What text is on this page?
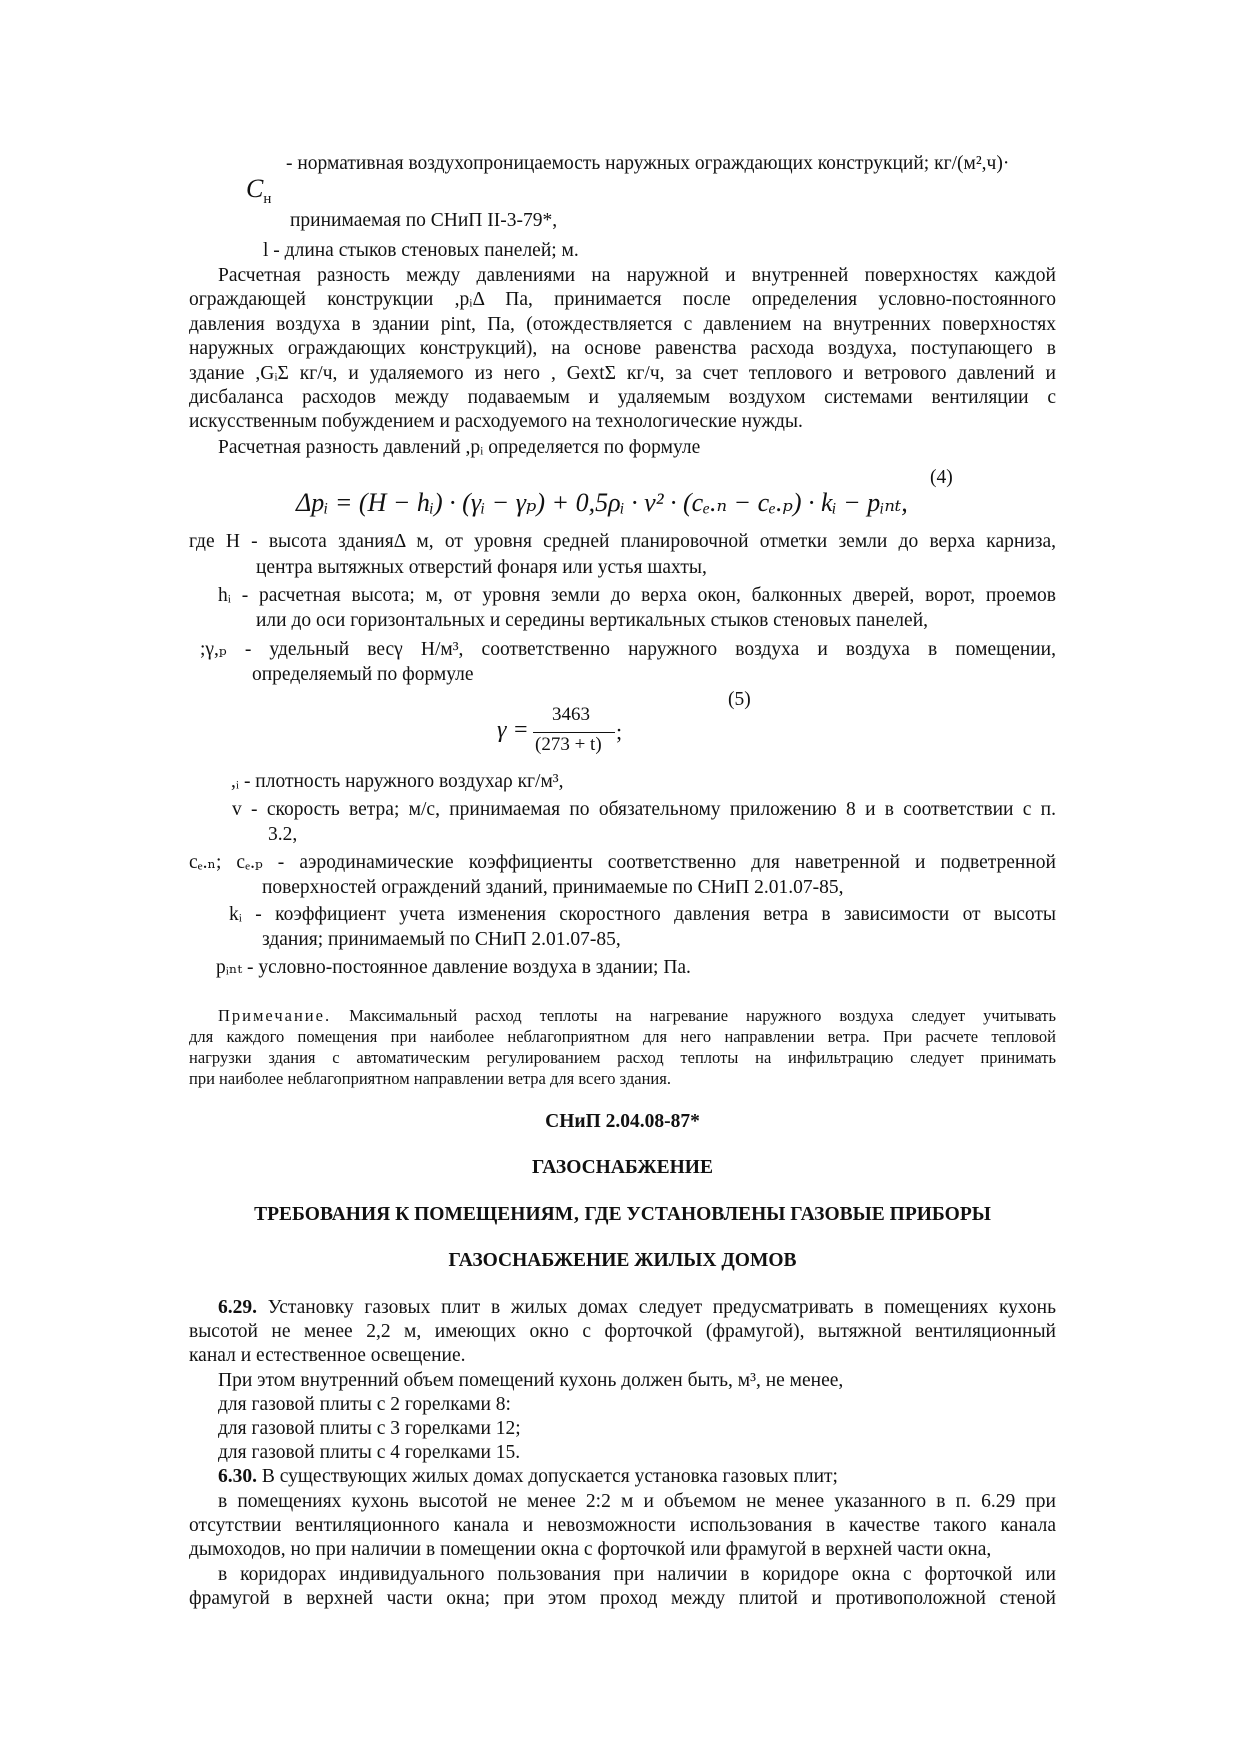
- нормативная воздухопроницаемость наружных ограждающих конструкций; кг/(м²,ч)·
$C_н$
принимаемая по СНиП II-3-79*,
l - длина стыков стеновых панелей; м.
Расчетная разность между давлениями на наружной и внутренней поверхностях каждой
ограждающей конструкции ,pᵢΔ Па, принимается после определения условно-постоянного
давления воздуха в здании pint, Па, (отождествляется с давлением на внутренних поверхностях
наружных ограждающих конструкций), на основе равенства расхода воздуха, поступающего в
здание ,GᵢΣ кг/ч, и удаляемого из него , GextΣ кг/ч, за счет теплового и ветрового давлений и
дисбаланса расходов между подаваемым и удаляемым воздухом системами вентиляции с
искусственным побуждением и расходуемого на технологические нужды.
Расчетная разность давлений ,pᵢ определяется по формуле
(4)
Δpᵢ = (H − hᵢ) · (γᵢ − γₚ) + 0,5ρᵢ · v² · (cₑ.ₙ − cₑ.ₚ) · kᵢ − pᵢₙₜ,
где H - высота зданияΔ м, от уровня средней планировочной отметки земли до верха карниза,
центра вытяжных отверстий фонаря или устья шахты,
hᵢ - расчетная высота; м, от уровня земли до верха окон, балконных дверей, ворот, проемов
или до оси горизонтальных и середины вертикальных стыков стеновых панелей,
;γ,ₚ - удельный весγ Н/м³, соответственно наружного воздуха и воздуха в помещении,
определяемый по формуле
(5)
γ =
3463
(273 + t)
;
,ᵢ - плотность наружного воздухаρ кг/м³,
v - скорость ветра; м/с, принимаемая по обязательному приложению 8 и в соответствии с п.
3.2,
cₑ.ₙ; cₑ.ₚ - аэродинамические коэффициенты соответственно для наветренной и подветренной
поверхностей ограждений зданий, принимаемые по СНиП 2.01.07-85,
kᵢ - коэффициент учета изменения скоростного давления ветра в зависимости от высоты
здания; принимаемый по СНиП 2.01.07-85,
pᵢₙₜ - условно-постоянное давление воздуха в здании; Па.
Примечание. Максимальный расход теплоты на нагревание наружного воздуха следует учитывать
для каждого помещения при наиболее неблагоприятном для него направлении ветра. При расчете тепловой
нагрузки здания с автоматическим регулированием расход теплоты на инфильтрацию следует принимать
при наиболее неблагоприятном направлении ветра для всего здания.
СНиП 2.04.08-87*
ГАЗОСНАБЖЕНИЕ
ТРЕБОВАНИЯ К ПОМЕЩЕНИЯМ‚ ГДЕ УСТАНОВЛЕНЫ ГАЗОВЫЕ ПРИБОРЫ
ГАЗОСНАБЖЕНИЕ ЖИЛЫХ ДОМОВ
6.29. Установку газовых плит в жилых домах следует предусматривать в помещениях кухонь
высотой не менее 2,2 м, имеющих окно с форточкой (фрамугой), вытяжной вентиляционный
канал и естественное освещение.
При этом внутренний объем помещений кухонь должен быть, м³, не менее,
для газовой плиты с 2 горелками 8:
для газовой плиты с 3 горелками 12;
для газовой плиты с 4 горелками 15.
6.30. В существующих жилых домах допускается установка газовых плит;
в помещениях кухонь высотой не менее 2:2 м и объемом не менее указанного в п. 6.29 при
отсутствии вентиляционного канала и невозможности использования в качестве такого канала
дымоходов, но при наличии в помещении окна с форточкой или фрамугой в верхней части окна,
в коридорах индивидуального пользования при наличии в коридоре окна с форточкой или
фрамугой в верхней части окна; при этом проход между плитой и противоположной стеной
